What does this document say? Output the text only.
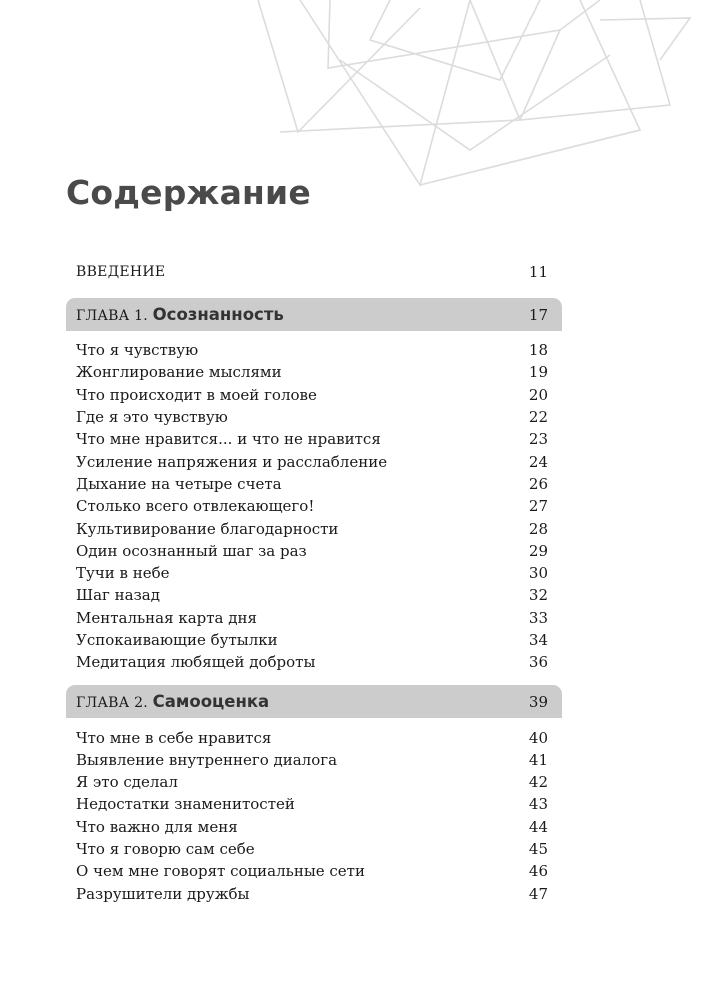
Содержание
ВВЕДЕНИЕ	11
ГЛАВА 1. Осознанность	17
Что я чувствую	18
Жонглирование мыслями	19
Что происходит в моей голове	20
Где я это чувствую	22
Что мне нравится... и что не нравится	23
Усиление напряжения и расслабление	24
Дыхание на четыре счета	26
Столько всего отвлекающего!	27
Культивирование благодарности	28
Один осознанный шаг за раз	29
Тучи в небе	30
Шаг назад	32
Ментальная карта дня	33
Успокаивающие бутылки	34
Медитация любящей доброты	36
ГЛАВА 2. Самооценка	39
Что мне в себе нравится	40
Выявление внутреннего диалога	41
Я это сделал	42
Недостатки знаменитостей	43
Что важно для меня	44
Что я говорю сам себе	45
О чем мне говорят социальные сети	46
Разрушители дружбы	47
